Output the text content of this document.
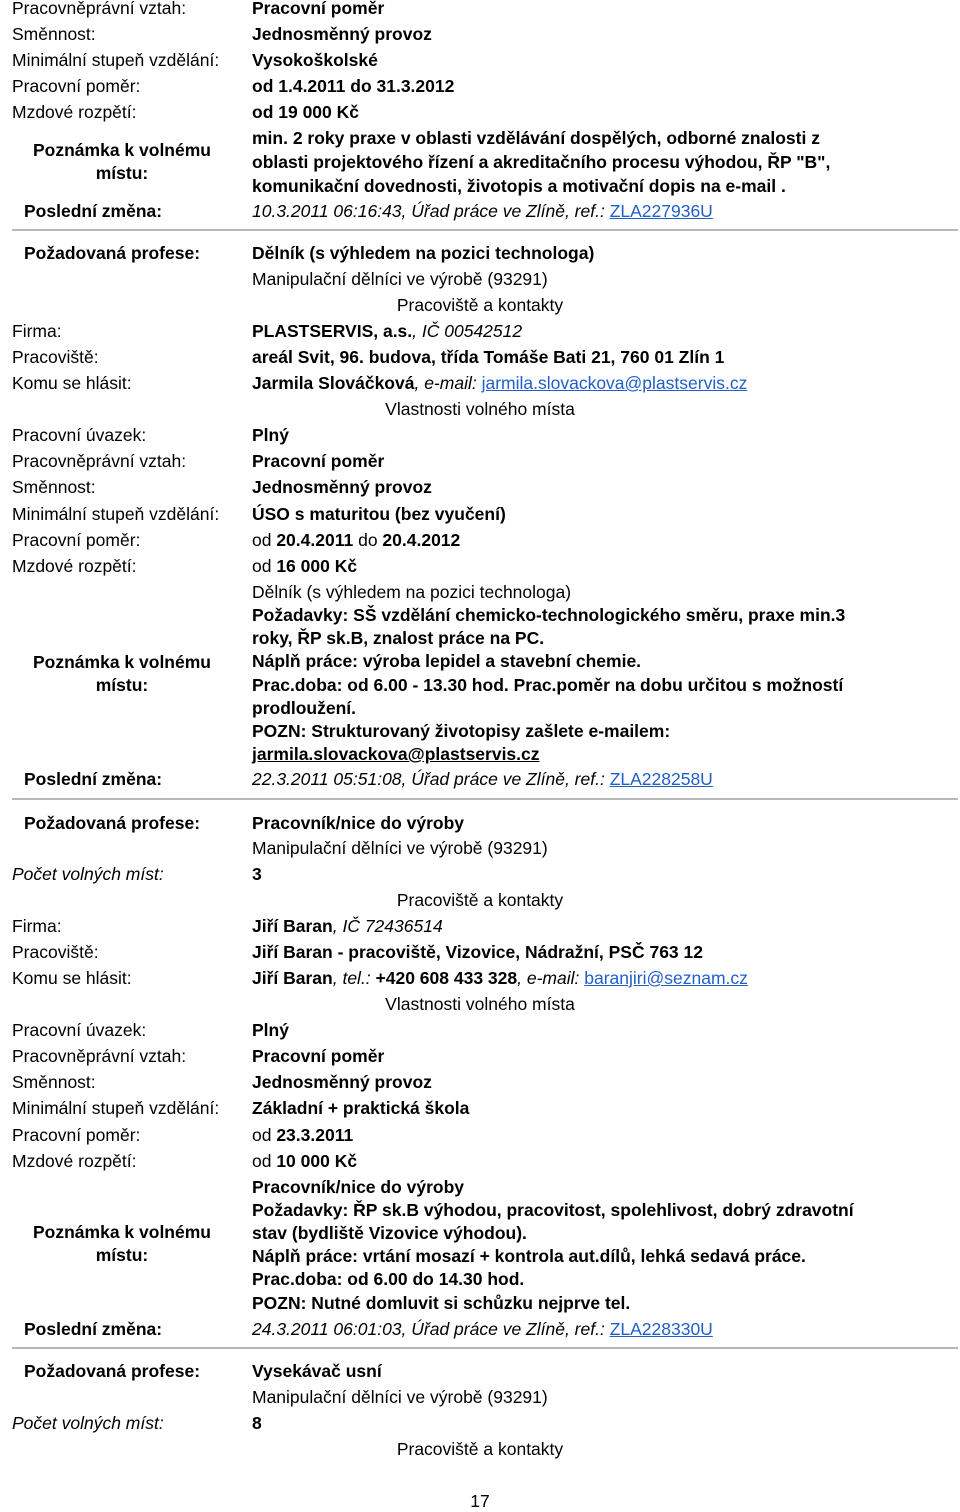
Pracovněprávní vztah:	Pracovní poměr
Směnnost:	Jednosměnný provoz
Minimální stupeň vzdělání: Vysokoškolské
Pracovní poměr:	od 1.4.2011 do 31.3.2012
Mzdové rozpětí:	od 19 000 Kč
Poznámka k volnému
místu:
min. 2 roky praxe v oblasti vzdělávání dospělých, odborné znalosti z
oblasti projektového řízení a akreditačního procesu výhodou, ŘP "B",
komunikační dovednosti, životopis a motivační dopis na e-mail .
Poslední změna:	10.3.2011 06:16:43, Úřad práce ve Zlíně, ref.: ZLA227936U
Požadovaná profese:	Dělník (s výhledem na pozici technologa)
Manipulační dělníci ve výrobě (93291)
Pracoviště a kontakty
Firma:	PLASTSERVIS, a.s., IČ 00542512
Pracoviště:	areál Svit, 96. budova, třída Tomáše Bati 21, 760 01 Zlín 1
Komu se hlásit:	Jarmila Slováčková, e-mail: jarmila.slovackova@plastservis.cz
Vlastnosti volného místa
Pracovní úvazek:	Plný
Pracovněprávní vztah:	Pracovní poměr
Směnnost:	Jednosměnný provoz
Minimální stupeň vzdělání: ÚSO s maturitou (bez vyučení)
Pracovní poměr:	od 20.4.2011 do 20.4.2012
Mzdové rozpětí:	od 16 000 Kč
Poznámka k volnému
místu:
Dělník (s výhledem na pozici technologa)
Požadavky: SŠ vzdělání chemicko-technologického směru, praxe min.3
roky, ŘP sk.B, znalost práce na PC.
Náplň práce: výroba lepidel a stavební chemie.
Prac.doba: od 6.00 - 13.30 hod. Prac.poměr na dobu určitou s možností
prodloužení.
POZN: Strukturovaný životopisy zašlete e-mailem:
jarmila.slovackova@plastservis.cz
Poslední změna:	22.3.2011 05:51:08, Úřad práce ve Zlíně, ref.: ZLA228258U
Požadovaná profese:	Pracovník/nice do výroby
Manipulační dělníci ve výrobě (93291)
Počet volných míst:	3
Pracoviště a kontakty
Firma:	Jiří Baran, IČ 72436514
Pracoviště:	Jiří Baran - pracoviště, Vizovice, Nádražní, PSČ 763 12
Komu se hlásit:	Jiří Baran, tel.: +420 608 433 328, e-mail: baranjiri@seznam.cz
Vlastnosti volného místa
Pracovní úvazek:	Plný
Pracovněprávní vztah:	Pracovní poměr
Směnnost:	Jednosměnný provoz
Minimální stupeň vzdělání: Základní + praktická škola
Pracovní poměr:	od 23.3.2011
Mzdové rozpětí:	od 10 000 Kč
Poznámka k volnému
místu:
Pracovník/nice do výroby
Požadavky: ŘP sk.B výhodou, pracovitost, spolehlivost, dobrý zdravotní
stav (bydliště Vizovice výhodou).
Náplň práce: vrtání mosazí + kontrola aut.dílů, lehká sedavá práce.
Prac.doba: od 6.00 do 14.30 hod.
POZN: Nutné domluvit si schůzku nejprve tel.
Poslední změna:	24.3.2011 06:01:03, Úřad práce ve Zlíně, ref.: ZLA228330U
Požadovaná profese:	Vysekávač usní
Manipulační dělníci ve výrobě (93291)
Počet volných míst:	8
Pracoviště a kontakty
17
